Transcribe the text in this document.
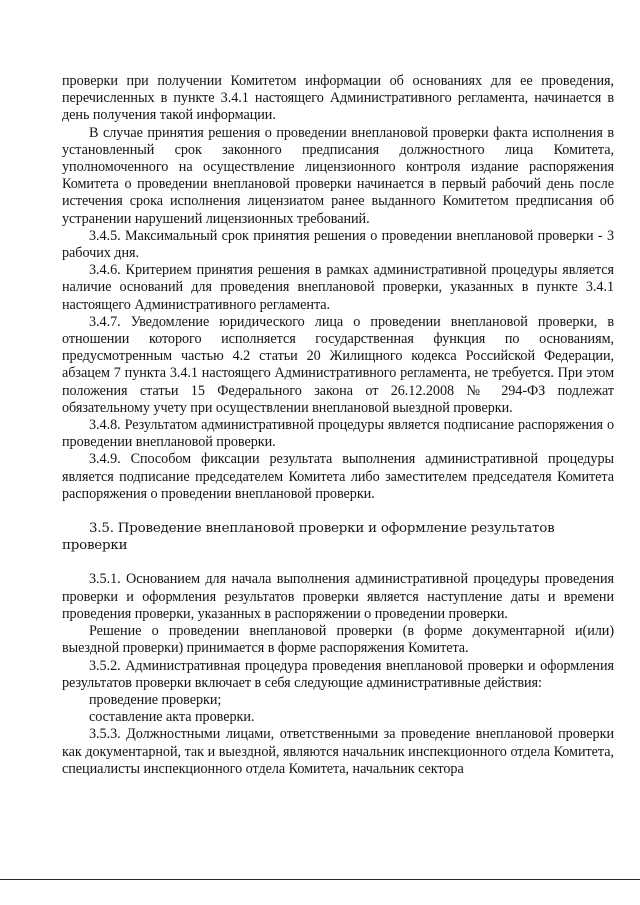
проверки при получении Комитетом информации об основаниях для ее проведения, перечисленных в пункте 3.4.1 настоящего Административного регламента, начинается в день получения такой информации.

В случае принятия решения о проведении внеплановой проверки факта исполнения в установленный срок законного предписания должностного лица Комитета, уполномоченного на осуществление лицензионного контроля издание распоряжения Комитета о проведении внеплановой проверки начинается в первый рабочий день после истечения срока исполнения лицензиатом ранее выданного Комитетом предписания об устранении нарушений лицензионных требований.

3.4.5. Максимальный срок принятия решения о проведении внеплановой проверки - 3 рабочих дня.

3.4.6. Критерием принятия решения в рамках административной процедуры является наличие оснований для проведения внеплановой проверки, указанных в пункте 3.4.1 настоящего Административного регламента.

3.4.7. Уведомление юридического лица о проведении внеплановой проверки, в отношении которого исполняется государственная функция по основаниям, предусмотренным частью 4.2 статьи 20 Жилищного кодекса Российской Федерации, абзацем 7 пункта 3.4.1 настоящего Административного регламента, не требуется. При этом положения статьи 15 Федерального закона от 26.12.2008 № 294-ФЗ подлежат обязательному учету при осуществлении внеплановой выездной проверки.

3.4.8. Результатом административной процедуры является подписание распоряжения о проведении внеплановой проверки.

3.4.9. Способом фиксации результата выполнения административной процедуры является подписание председателем Комитета либо заместителем председателя Комитета распоряжения о проведении внеплановой проверки.

3.5. Проведение внеплановой проверки и оформление результатов проверки

3.5.1. Основанием для начала выполнения административной процедуры проведения проверки и оформления результатов проверки является наступление даты и времени проведения проверки, указанных в распоряжении о проведении проверки.

Решение о проведении внеплановой проверки (в форме документарной и(или) выездной проверки) принимается в форме распоряжения Комитета.

3.5.2. Административная процедура проведения внеплановой проверки и оформления результатов проверки включает в себя следующие административные действия:

проведение проверки;

составление акта проверки.

3.5.3. Должностными лицами, ответственными за проведение внеплановой проверки как документарной, так и выездной, являются начальник инспекционного отдела Комитета, специалисты инспекционного отдела Комитета, начальник сектора
